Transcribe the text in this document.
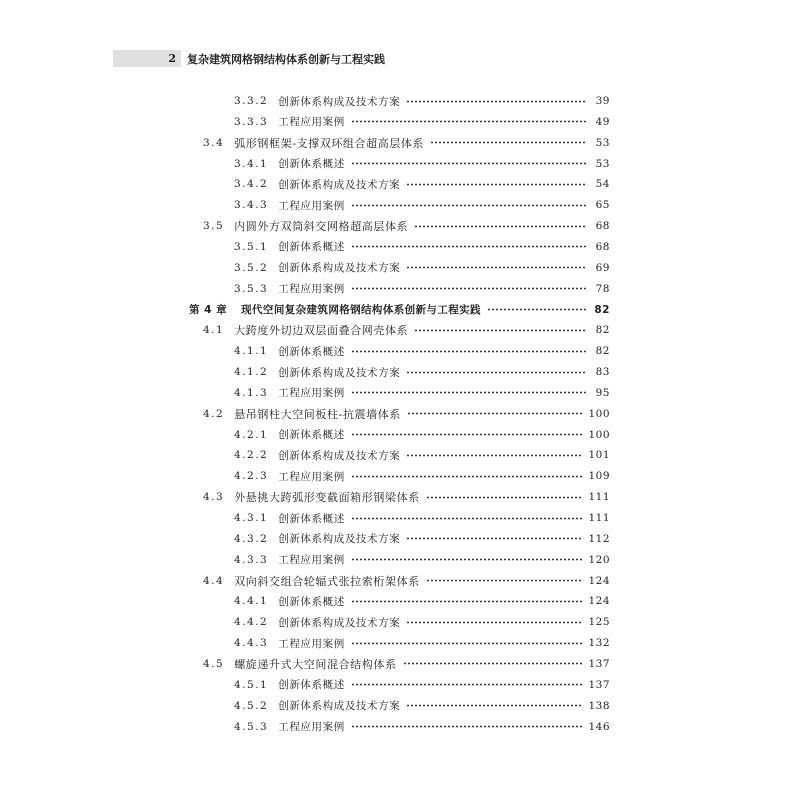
2	复杂建筑网格钢结构体系创新与工程实践
3.3.2 创新体系构成及技术方案	39
3.3.3 工程应用案例	49
3.4 弧形钢框架-支撑双环组合超高层体系	53
3.4.1 创新体系概述	53
3.4.2 创新体系构成及技术方案	54
3.4.3 工程应用案例	65
3.5 内圆外方双筒斜交网格超高层体系	68
3.5.1 创新体系概述	68
3.5.2 创新体系构成及技术方案	69
3.5.3 工程应用案例	78
第 4 章 现代空间复杂建筑网格钢结构体系创新与工程实践	82
4.1 大跨度外切边双层面叠合网壳体系	82
4.1.1 创新体系概述	82
4.1.2 创新体系构成及技术方案	83
4.1.3 工程应用案例	95
4.2 悬吊钢柱大空间板柱-抗震墙体系	100
4.2.1 创新体系概述	100
4.2.2 创新体系构成及技术方案	101
4.2.3 工程应用案例	109
4.3 外悬挑大跨弧形变截面箱形钢梁体系	111
4.3.1 创新体系概述	111
4.3.2 创新体系构成及技术方案	112
4.3.3 工程应用案例	120
4.4 双向斜交组合轮辐式张拉索桁架体系	124
4.4.1 创新体系概述	124
4.4.2 创新体系构成及技术方案	125
4.4.3 工程应用案例	132
4.5 螺旋递升式大空间混合结构体系	137
4.5.1 创新体系概述	137
4.5.2 创新体系构成及技术方案	138
4.5.3 工程应用案例	146
